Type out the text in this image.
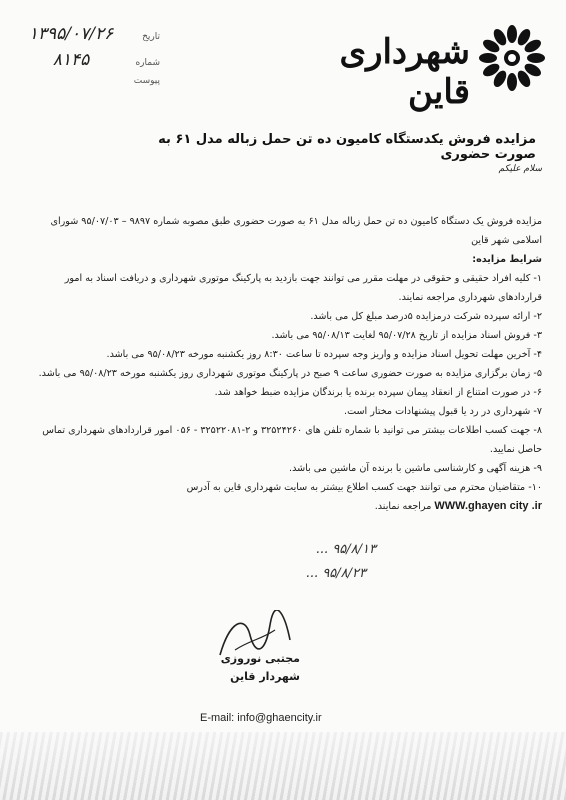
تاریخ
۱۳۹۵/۰۷/۲۶
شماره
۸۱۴۵
پیوست
شهرداری قاین
مزایده فروش یکدستگاه کامیون ده تن حمل زباله مدل ۶۱ به صورت حضوری
سلام علیکم

مزایده فروش یک دستگاه کامیون ده تن حمل زباله مدل ۶۱ به صورت حضوری طبق مصوبه شماره ۹۸۹۷ – ۹۵/۰۷/۰۳ شورای اسلامی شهر قاین

شرایط مزایده:

۱- کلیه افراد حقیقی و حقوقی در مهلت مقرر می توانند جهت بازدید به پارکینگ موتوری شهرداری و دریافت اسناد به امور قراردادهای شهرداری مراجعه نمایند.

۲- ارائه سپرده شرکت درمزایده ۵درصد مبلغ کل می باشد.

۳- فروش اسناد مزایده از تاریخ ۹۵/۰۷/۲۸ لغایت ۹۵/۰۸/۱۳ می باشد.

۴- آخرین مهلت تحویل اسناد مزایده و واریز وجه سپرده تا ساعت ۸:۳۰ روز یکشنبه مورخه ۹۵/۰۸/۲۳ می باشد.

۵- زمان برگزاری مزایده به صورت حضوری ساعت ۹ صبح در پارکینگ موتوری شهرداری روز یکشنبه مورخه ۹۵/۰۸/۲۳ می باشد.

۶- در صورت امتناع از انعقاد پیمان سپرده برنده یا برندگان مزایده ضبط خواهد شد.

۷- شهرداری در رد یا قبول پیشنهادات مختار است.

۸- جهت کسب اطلاعات بیشتر می توانید با شماره تلفن های ۳۲۵۲۴۲۶۰ و ۲-۳۲۵۲۲۰۸۱ - ۰۵۶ امور قراردادهای شهرداری تماس حاصل نمایید.

۹- هزینه آگهی و کارشناسی ماشین با برنده آن ماشین می باشد.

۱۰- متقاضیان محترم می توانند جهت کسب اطلاع بیشتر به سایت شهرداری قاین به آدرس

WWW.ghayen city .ir مراجعه نمایند.

۹۵/۸/۱۳ ...
۹۵/۸/۲۳ ...
مجتبی نوروزی
شهردار قاین
E-mail: info@ghaencity.ir
